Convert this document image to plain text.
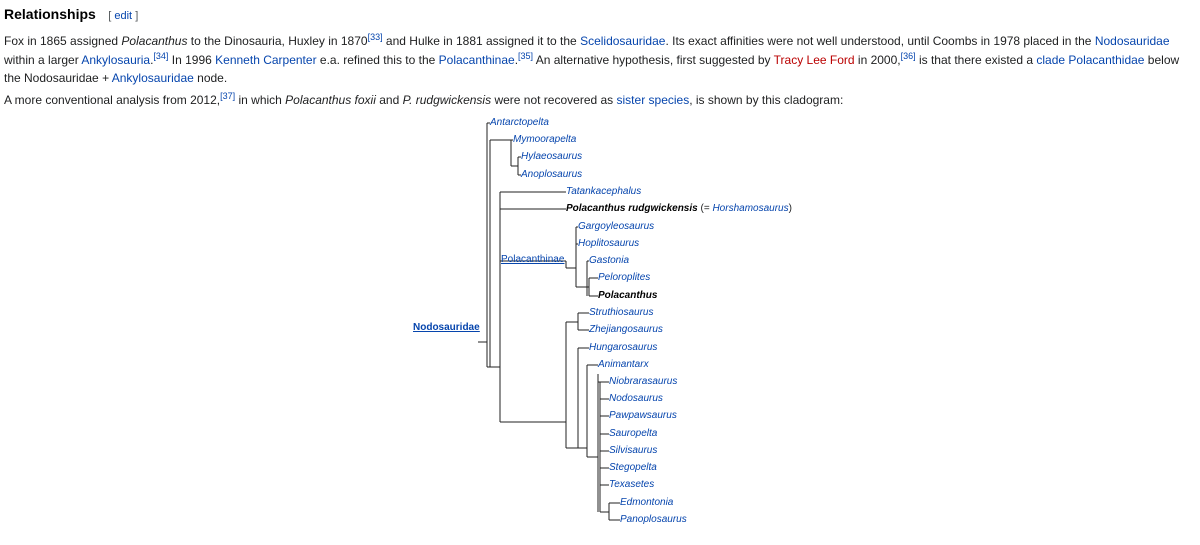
Relationships [ edit ]
Fox in 1865 assigned Polacanthus to the Dinosauria, Huxley in 1870[33] and Hulke in 1881 assigned it to the Scelidosauridae. Its exact affinities were not well understood, until Coombs in 1978 placed in the Nodosauridae within a larger Ankylosauria.[34] In 1996 Kenneth Carpenter e.a. refined this to the Polacanthinae.[35] An alternative hypothesis, first suggested by Tracy Lee Ford in 2000,[36] is that there existed a clade Polacanthidae below the Nodosauridae + Ankylosauridae node.
A more conventional analysis from 2012,[37] in which Polacanthus foxii and P. rudgwickensis were not recovered as sister species, is shown by this cladogram:
Nodosauridae
Polacanthinae
Antarctopelta
Mymoorapelta
Hylaeosaurus
Anoplosaurus
Tatankacephalus
Polacanthus rudgwickensis (= Horshamosaurus)
Gargoyleosaurus
Hoplitosaurus
Gastonia
Peloroplites
Polacanthus
Struthiosaurus
Zhejiangosaurus
Hungarosaurus
Animantarx
Niobrarasaurus
Nodosaurus
Pawpawsaurus
Sauropelta
Silvisaurus
Stegopelta
Texasetes
Edmontonia
Panoplosaurus
